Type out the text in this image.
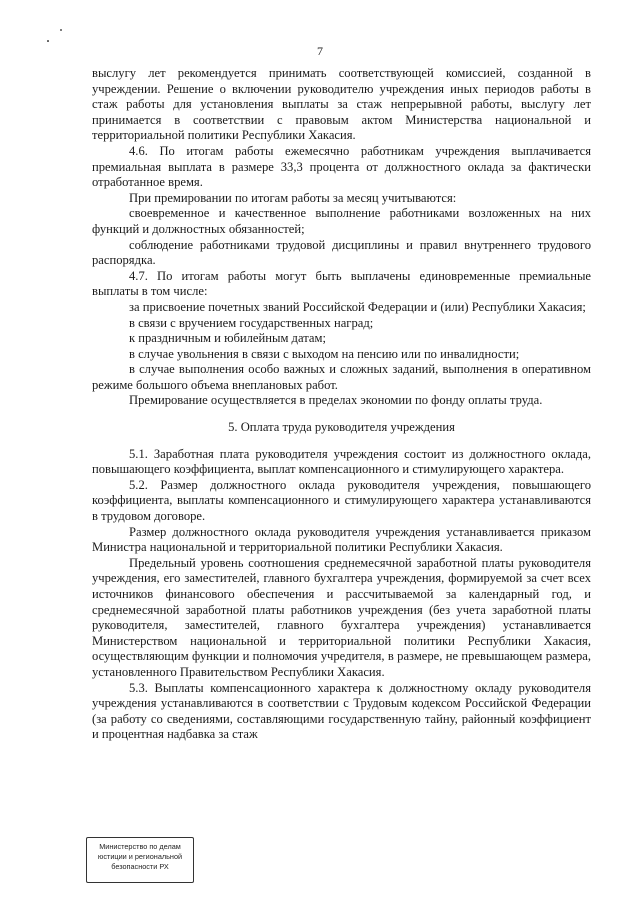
7

выслугу лет рекомендуется принимать соответствующей комиссией, созданной в учреждении. Решение о включении руководителю учреждения иных периодов работы в стаж работы для установления выплаты за стаж непрерывной работы, выслугу лет принимается в соответствии с правовым актом Министерства национальной и территориальной политики Республики Хакасия.

4.6. По итогам работы ежемесячно работникам учреждения выплачивается премиальная выплата в размере 33,3 процента от должностного оклада за фактически отработанное время.

При премировании по итогам работы за месяц учитываются:

своевременное и качественное выполнение работниками возложенных на них функций и должностных обязанностей;

соблюдение работниками трудовой дисциплины и правил внутреннего трудового распорядка.

4.7. По итогам работы могут быть выплачены единовременные премиальные выплаты в том числе:

за присвоение почетных званий Российской Федерации и (или) Республики Хакасия;

в связи с вручением государственных наград;

к праздничным и юбилейным датам;

в случае увольнения в связи с выходом на пенсию или по инвалидности;

в случае выполнения особо важных и сложных заданий, выполнения в оперативном режиме большого объема внеплановых работ.

Премирование осуществляется в пределах экономии по фонду оплаты труда.

5. Оплата труда руководителя учреждения

5.1. Заработная плата руководителя учреждения состоит из должностного оклада, повышающего коэффициента, выплат компенсационного и стимулирующего характера.

5.2. Размер должностного оклада руководителя учреждения, повышающего коэффициента, выплаты компенсационного и стимулирующего характера устанавливаются в трудовом договоре.

Размер должностного оклада руководителя учреждения устанавливается приказом Министра национальной и территориальной политики Республики Хакасия.

Предельный уровень соотношения среднемесячной заработной платы руководителя учреждения, его заместителей, главного бухгалтера учреждения, формируемой за счет всех источников финансового обеспечения и рассчитываемой за календарный год, и среднемесячной заработной платы работников учреждения (без учета заработной платы руководителя, заместителей, главного бухгалтера учреждения) устанавливается Министерством национальной и территориальной политики Республики Хакасия, осуществляющим функции и полномочия учредителя, в размере, не превышающем размера, установленного Правительством Республики Хакасия.

5.3. Выплаты компенсационного характера к должностному окладу руководителя учреждения устанавливаются в соответствии с Трудовым кодексом Российской Федерации (за работу со сведениями, составляющими государственную тайну, районный коэффициент и процентная надбавка за стаж

Министерство по делам
юстиции и региональной
безопасности РХ
